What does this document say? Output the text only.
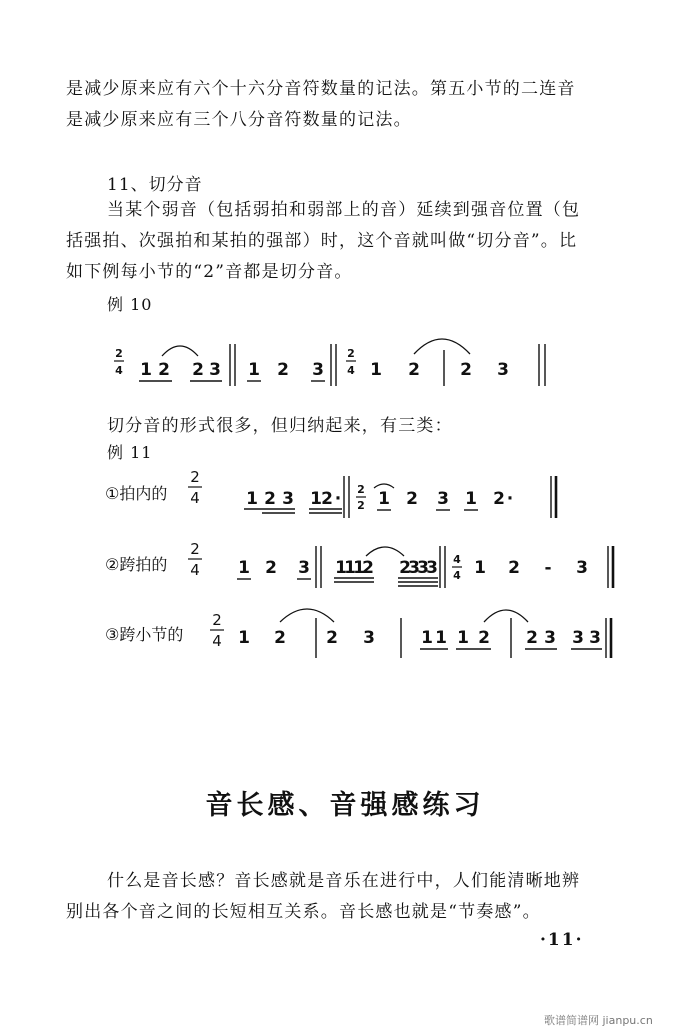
是减少原来应有六个十六分音符数量的记法。第五小节的二连音
是减少原来应有三个八分音符数量的记法。
11、切分音
当某个弱音（包括弱拍和弱部上的音）延续到强音位置（包
括强拍、次强拍和某拍的强部）时，这个音就叫做“切分音”。比
如下例每小节的“2”音都是切分音。
例 10
2
4 1 2 2 3 1 2 3
2
4 1 2 2 3
切分音的形式很多，但归纳起来，有三类：
例 11
①拍内的
2
4	1 2 3 1 2 · 2
2 1 2 3 1 2 ·
②跨拍的
2
4 1 2 3 1
1
1
2 2
3
3
3 4
4 1 2 - 3
③跨小节的
2
4 1 2 2 3	1 1 1 2 2 3 3 3
音长感、音强感练习
什么是音长感？音长感就是音乐在进行中，人们能清晰地辨
别出各个音之间的长短相互关系。音长感也就是“节奏感”。
·11·
歌谱简谱网 jianpu.cn
